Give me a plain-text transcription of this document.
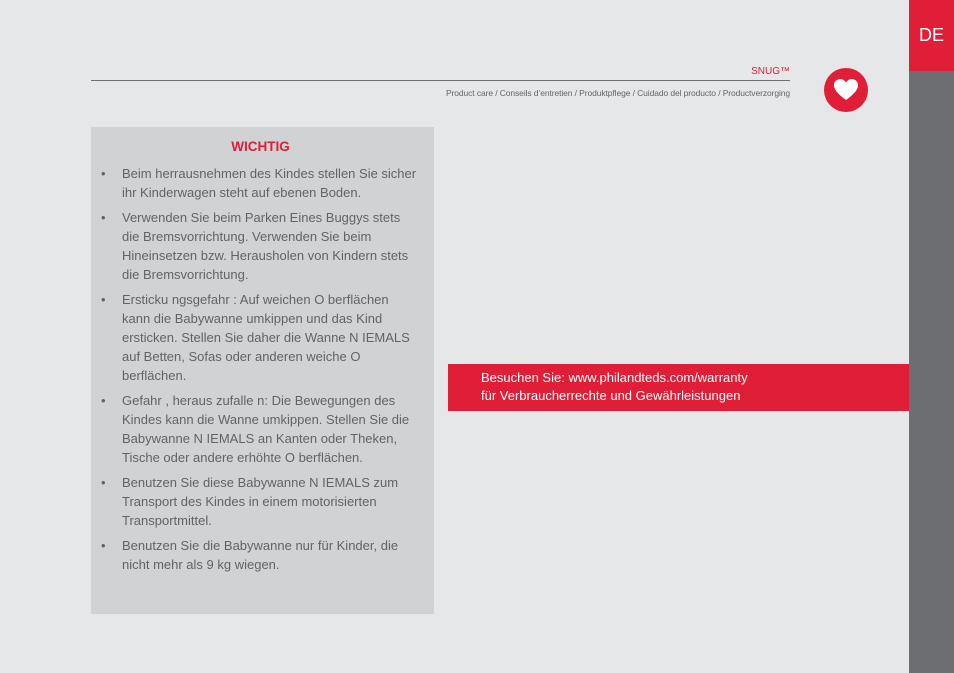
DE
SNUG™
Product care / Conseils d’entretien / Produktpflege / Cuidado del producto / Productverzorging
WICHTIG
• Beim herrausnehmen des Kindes stellen Sie sicher ihr Kinderwagen steht auf ebenen Boden.
• Verwenden Sie beim Parken Eines Buggys stets die Bremsvorrichtung. Verwenden Sie beim Hineinsetzen bzw. Herausholen von Kindern stets die Bremsvorrichtung.
• Ersticku ngsgefahr : Auf weichen O berflächen kann die Babywanne umkippen und das Kind ersticken. Stellen Sie daher die Wanne N IEMALS auf Betten, Sofas oder anderen weiche O berflächen.
• Gefahr , heraus zufalle n: Die Bewegungen des Kindes kann die Wanne umkippen. Stellen Sie die Babywanne N IEMALS an Kanten oder Theken, Tische oder andere erhöhte O berflächen.
• Benutzen Sie diese Babywanne N IEMALS zum Transport des Kindes in einem motorisierten Transportmittel.
• Benutzen Sie die Babywanne nur für Kinder, die nicht mehr als 9 kg wiegen.
Besuchen Sie: www.philandteds.com/warranty
für Verbraucherrechte und Gewährleistungen
